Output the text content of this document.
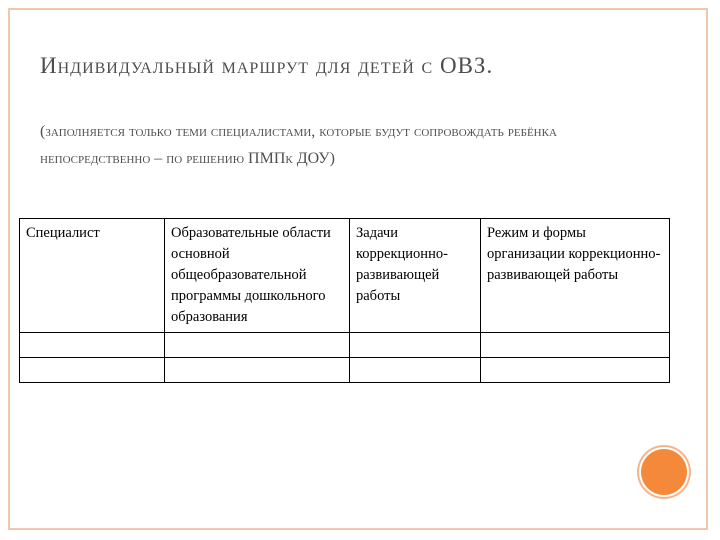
Индивидуальный маршрут для детей с ОВЗ.

(заполняется только теми специалистами, которые будут сопровождать ребёнка непосредственно – по решению ПМПк ДОУ)

Специалист	Образовательные области основной общеобразовательной программы дошкольного образования	Задачи коррекционно-развивающей работы	Режим и формы организации коррекционно-развивающей работы
